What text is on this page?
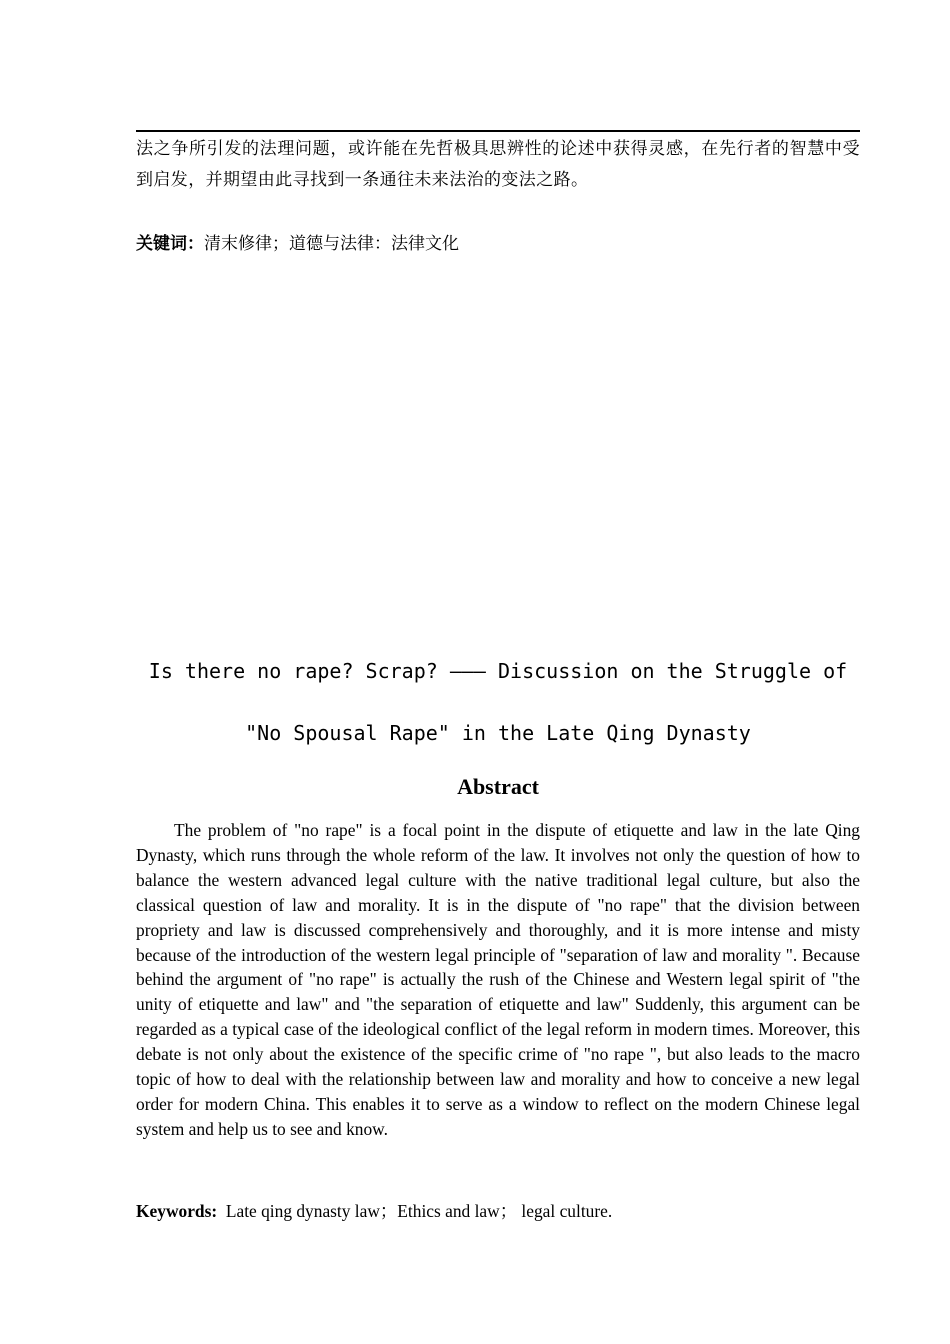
法之争所引发的法理问题，或许能在先哲极具思辨性的论述中获得灵感，在先行者的智慧中受到启发，并期望由此寻找到一条通往未来法治的变法之路。

关键词：清末修律；道德与法律：法律文化

Is there no rape? Scrap? ——— Discussion on the Struggle of

"No Spousal Rape" in the Late Qing Dynasty

Abstract

The problem of "no rape" is a focal point in the dispute of etiquette and law in the late Qing Dynasty, which runs through the whole reform of the law. It involves not only the question of how to balance the western advanced legal culture with the native traditional legal culture, but also the classical question of law and morality. It is in the dispute of "no rape" that the division between propriety and law is discussed comprehensively and thoroughly, and it is more intense and misty because of the introduction of the western legal principle of "separation of law and morality ". Because behind the argument of "no rape" is actually the rush of the Chinese and Western legal spirit of "the unity of etiquette and law" and "the separation of etiquette and law" Suddenly, this argument can be regarded as a typical case of the ideological conflict of the legal reform in modern times. Moreover, this debate is not only about the existence of the specific crime of "no rape ", but also leads to the macro topic of how to deal with the relationship between law and morality and how to conceive a new legal order for modern China. This enables it to serve as a window to reflect on the modern Chinese legal system and help us to see and know.

Keywords: Late qing dynasty law；Ethics and law； legal culture.
